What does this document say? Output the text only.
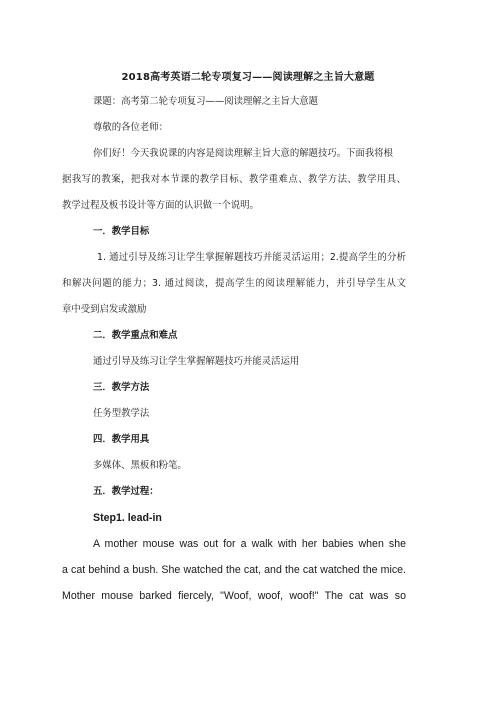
2018高考英语二轮专项复习——阅读理解之主旨大意题
课题：高考第二轮专项复习——阅读理解之主旨大意题
尊敬的各位老师：
你们好！今天我说课的内容是阅读理解主旨大意的解题技巧。下面我将根
据我写的教案，把我对本节课的教学目标、教学重难点、教学方法、教学用具、
教学过程及板书设计等方面的认识做一个说明。
一．教学目标
1. 通过引导及练习让学生掌握解题技巧并能灵活运用；2.提高学生的分析
和解决问题的能力；3. 通过阅读，提高学生的阅读理解能力，并引导学生从文
章中受到启发或激励
二．教学重点和难点
通过引导及练习让学生掌握解题技巧并能灵活运用
三．教学方法
任务型教学法
四．教学用具
多媒体、黑板和粉笔。
五．教学过程：
Step1. lead-in
A mother mouse was out for a walk with her babies when she
a cat behind a bush. She watched the cat, and the cat watched the mice.
Mother mouse barked fiercely, "Woof, woof, woof!" The cat was so
